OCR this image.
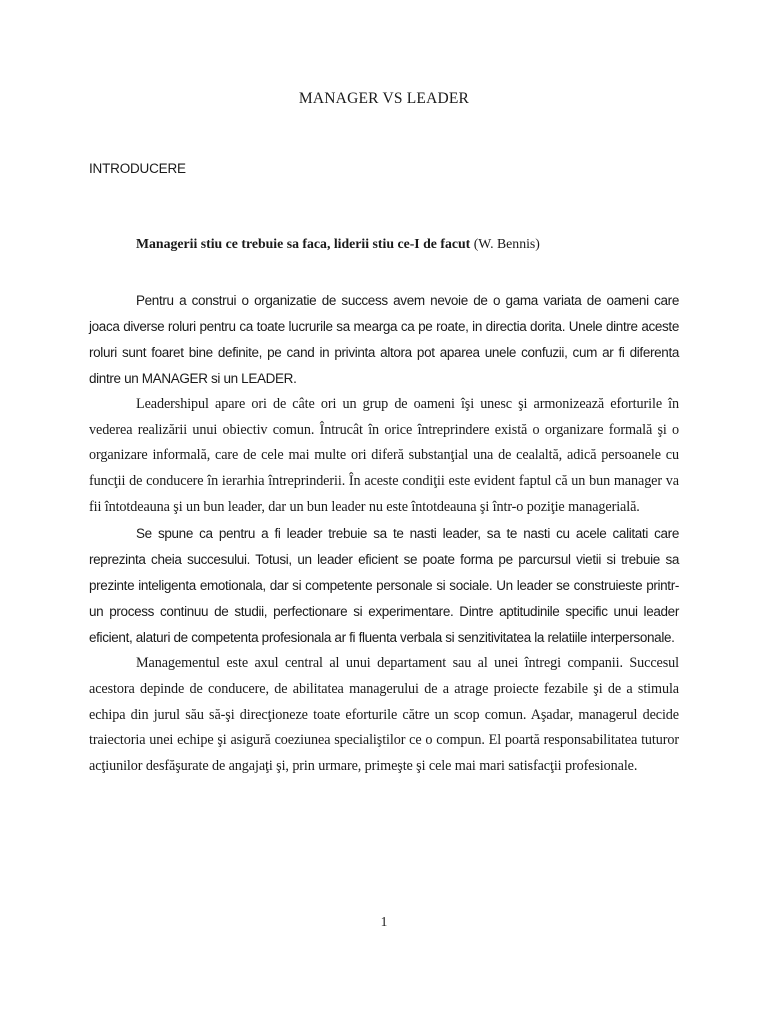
MANAGER VS LEADER
INTRODUCERE
Managerii stiu ce trebuie sa faca, liderii stiu ce-I de facut (W. Bennis)

Pentru a construi o organizatie de success avem nevoie de o gama variata de oameni care joaca diverse roluri pentru ca toate lucrurile sa mearga ca pe roate, in directia dorita. Unele dintre aceste roluri sunt foaret bine definite, pe cand in privinta altora pot aparea unele confuzii, cum ar fi diferenta dintre un MANAGER si un LEADER.

Leadershipul apare ori de câte ori un grup de oameni îşi unesc şi armonizează eforturile în vederea realizării unui obiectiv comun. Întrucât în orice întreprindere există o organizare formală şi o organizare informală, care de cele mai multe ori diferă substanţial una de cealaltă, adică persoanele cu funcţii de conducere în ierarhia întreprinderii. În aceste condiţii este evident faptul că un bun manager va fii întotdeauna şi un bun leader, dar un bun leader nu este întotdeauna şi într-o poziţie managerială.

Se spune ca pentru a fi leader trebuie sa te nasti leader, sa te nasti cu acele calitati care reprezinta cheia succesului. Totusi, un leader eficient se poate forma pe parcursul vietii si trebuie sa prezinte inteligenta emotionala, dar si competente personale si sociale. Un leader se construieste printr-un process continuu de studii, perfectionare si experimentare. Dintre aptitudinile specific unui leader eficient, alaturi de competenta profesionala ar fi fluenta verbala si senzitivitatea la relatiile interpersonale.

Managementul este axul central al unui departament sau al unei întregi companii. Succesul acestora depinde de conducere, de abilitatea managerului de a atrage proiecte fezabile şi de a stimula echipa din jurul său să-şi direcţioneze toate eforturile către un scop comun. Aşadar, managerul decide traiectoria unei echipe şi asigură coeziunea specialiştilor ce o compun. El poartă responsabilitatea tuturor acţiunilor desfăşurate de angajaţi şi, prin urmare, primeşte şi cele mai mari satisfacţii profesionale.

1
